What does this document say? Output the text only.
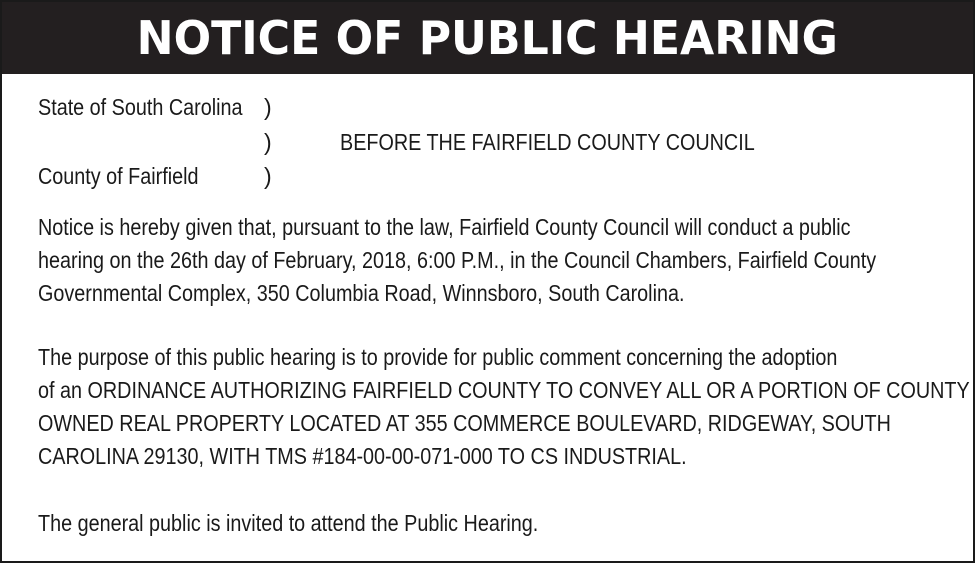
NOTICE OF PUBLIC HEARING
State of South Carolina )
)	BEFORE THE FAIRFIELD COUNTY COUNCIL
County of Fairfield	)
Notice is hereby given that, pursuant to the law, Fairfield County Council will conduct a public
hearing on the 26th day of February, 2018, 6:00 P.M., in the Council Chambers, Fairfield County
Governmental Complex, 350 Columbia Road, Winnsboro, South Carolina.
The purpose of this public hearing is to provide for public comment concerning the adoption
of an ORDINANCE AUTHORIZING FAIRFIELD COUNTY TO CONVEY ALL OR A PORTION OF COUNTY
OWNED REAL PROPERTY LOCATED AT 355 COMMERCE BOULEVARD, RIDGEWAY, SOUTH
CAROLINA 29130, WITH TMS #184-00-00-071-000 TO CS INDUSTRIAL.
The general public is invited to attend the Public Hearing.
